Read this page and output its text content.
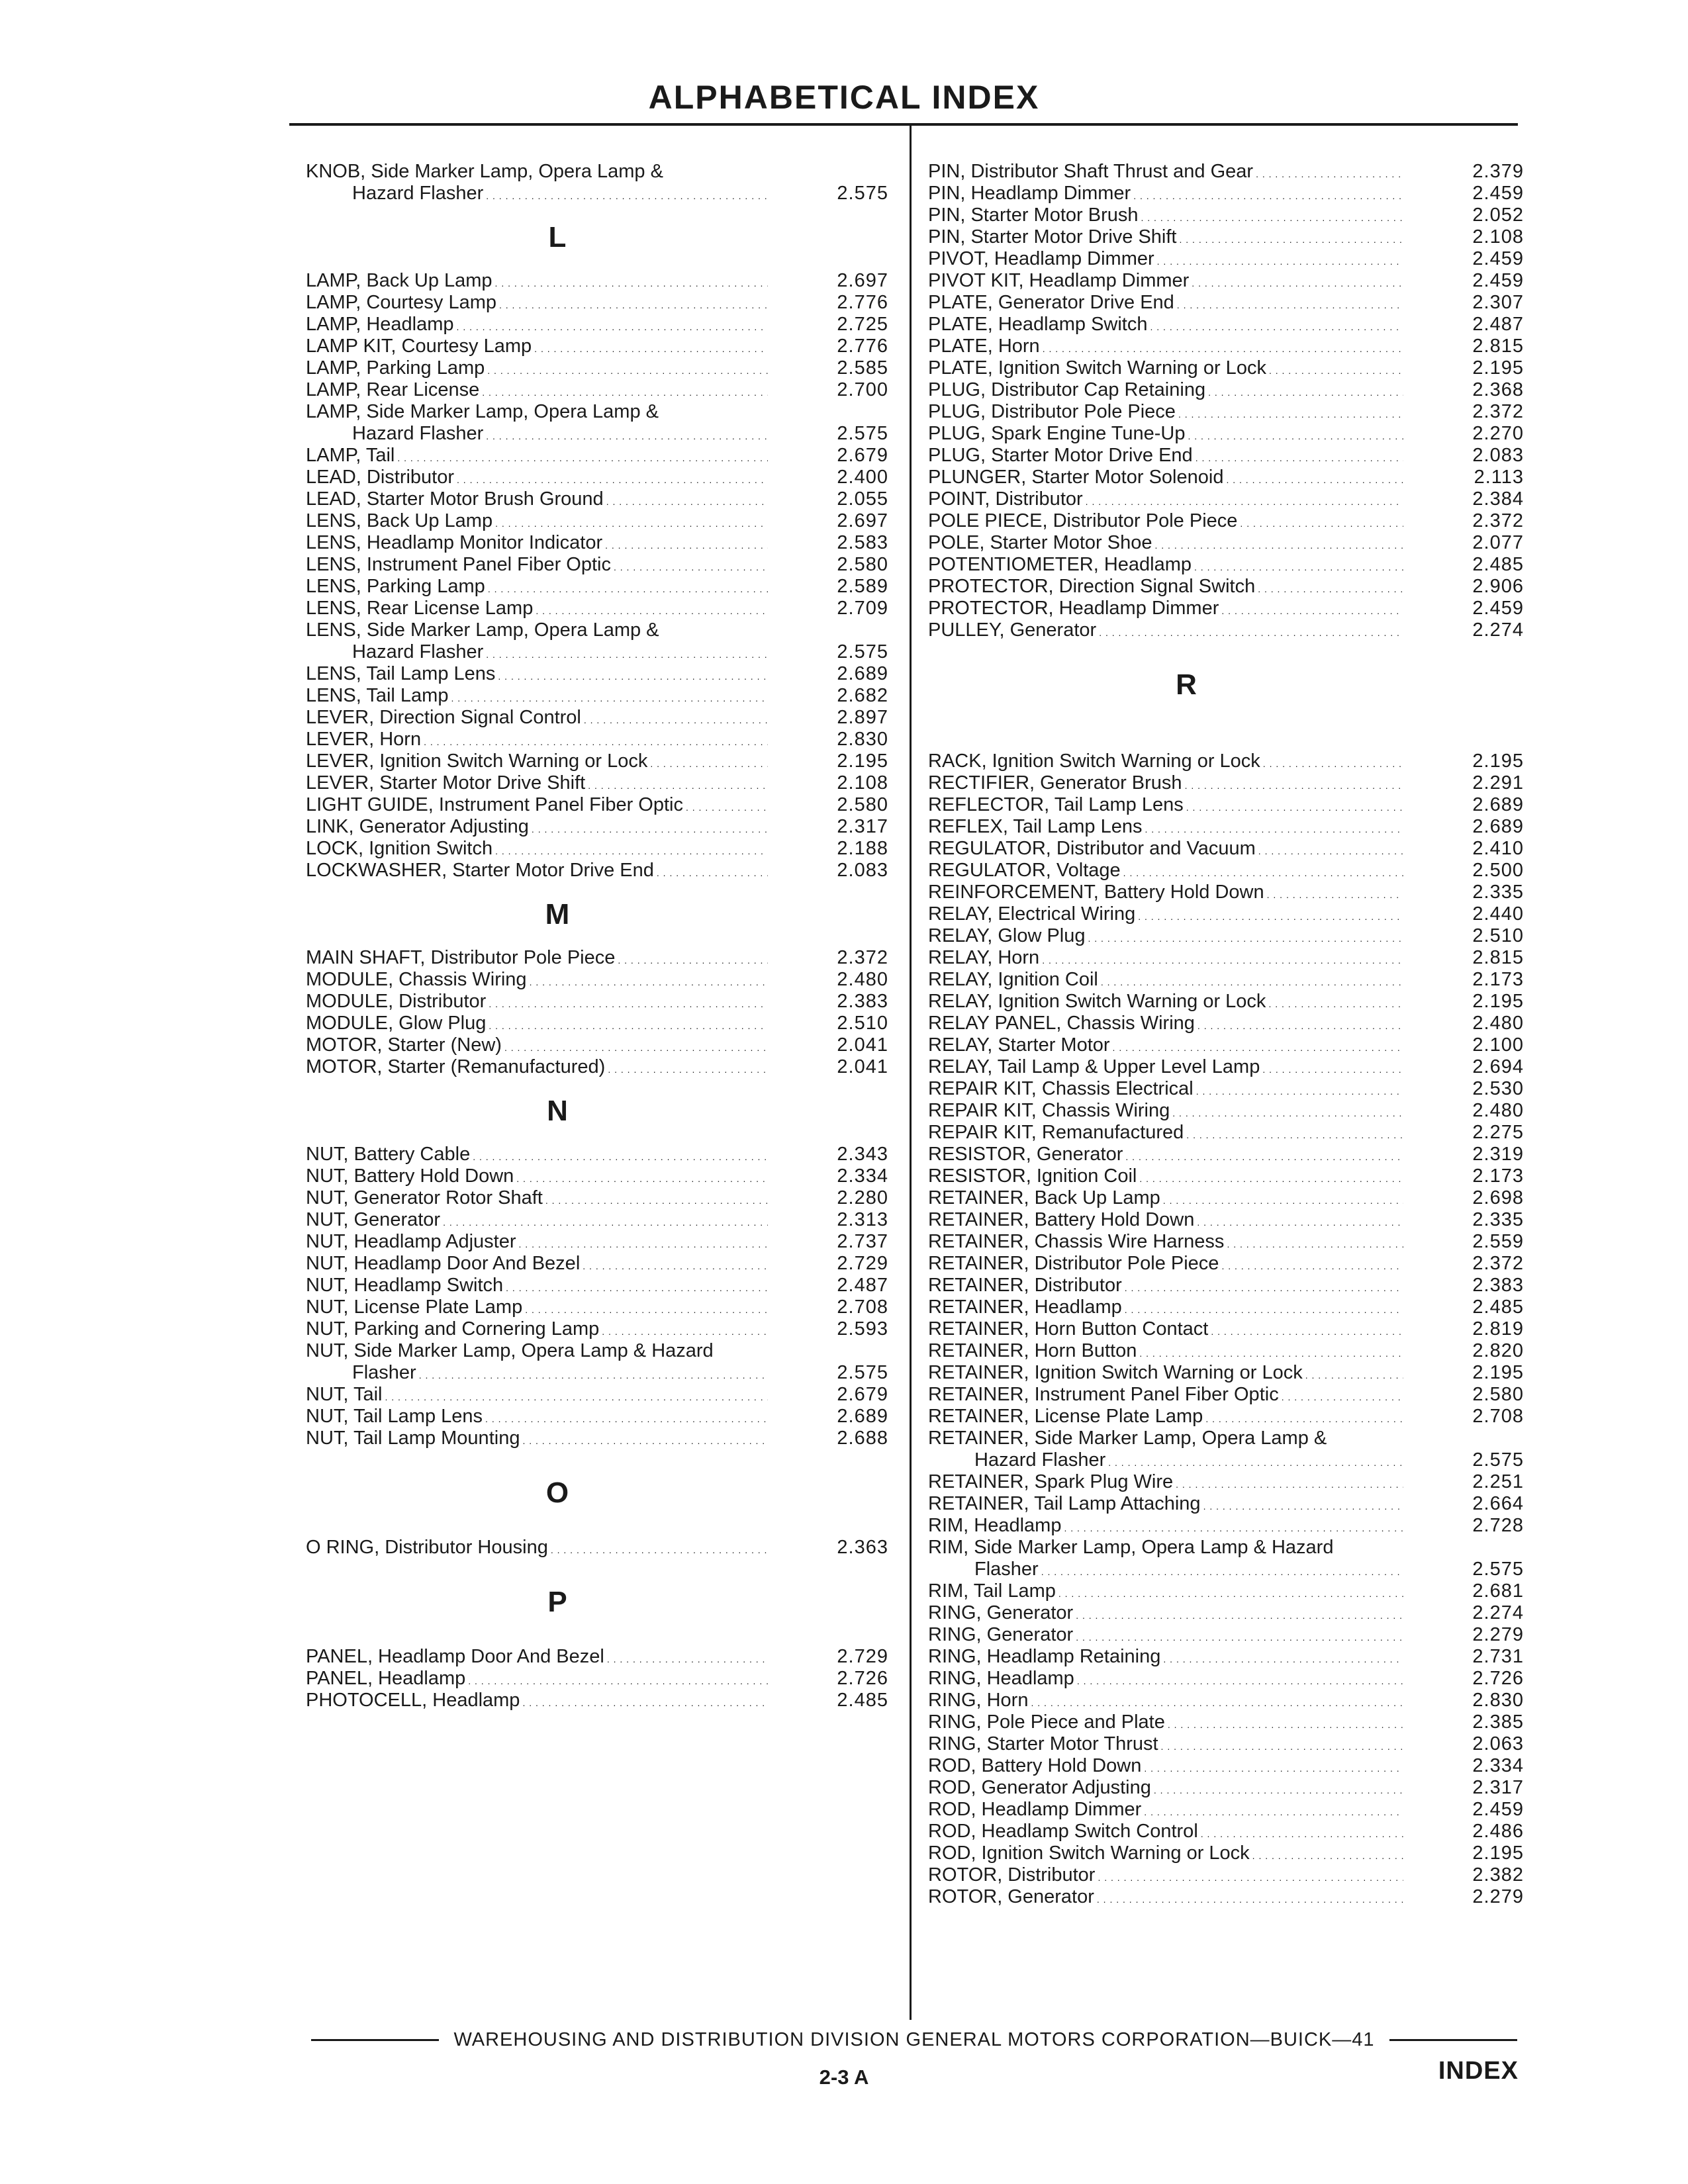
ALPHABETICAL INDEX
KNOB, Side Marker Lamp, Opera Lamp &
Hazard Flasher . . .	2.575
L
LAMP, Back Up Lamp . . .	2.697
LAMP, Courtesy Lamp . . .	2.776
LAMP, Headlamp . . .	2.725
LAMP KIT, Courtesy Lamp . . .	2.776
LAMP, Parking Lamp . . .	2.585
LAMP, Rear License . . .	2.700
LAMP, Side Marker Lamp, Opera Lamp &
Hazard Flasher . . .	2.575
LAMP, Tail . . .	2.679
LEAD, Distributor . . .	2.400
LEAD, Starter Motor Brush Ground . . .	2.055
LENS, Back Up Lamp . . .	2.697
LENS, Headlamp Monitor Indicator . . .	2.583
LENS, Instrument Panel Fiber Optic . . .	2.580
LENS, Parking Lamp . . .	2.589
LENS, Rear License Lamp . . .	2.709
LENS, Side Marker Lamp, Opera Lamp &
Hazard Flasher . . .	2.575
LENS, Tail Lamp Lens . . .	2.689
LENS, Tail Lamp . . .	2.682
LEVER, Direction Signal Control . . .	2.897
LEVER, Horn . . .	2.830
LEVER, Ignition Switch Warning or Lock . . .	2.195
LEVER, Starter Motor Drive Shift . . .	2.108
LIGHT GUIDE, Instrument Panel Fiber Optic . . .	2.580
LINK, Generator Adjusting . . .	2.317
LOCK, Ignition Switch . . .	2.188
LOCKWASHER, Starter Motor Drive End . . .	2.083
M
MAIN SHAFT, Distributor Pole Piece . . .	2.372
MODULE, Chassis Wiring . . .	2.480
MODULE, Distributor . . .	2.383
MODULE, Glow Plug . . .	2.510
MOTOR, Starter (New) . . .	2.041
MOTOR, Starter (Remanufactured) . . .	2.041
N
NUT, Battery Cable . . .	2.343
NUT, Battery Hold Down . . .	2.334
NUT, Generator Rotor Shaft . . .	2.280
NUT, Generator . . .	2.313
NUT, Headlamp Adjuster . . .	2.737
NUT, Headlamp Door And Bezel . . .	2.729
NUT, Headlamp Switch . . .	2.487
NUT, License Plate Lamp . . .	2.708
NUT, Parking and Cornering Lamp . . .	2.593
NUT, Side Marker Lamp, Opera Lamp & Hazard
Flasher . . .	2.575
NUT, Tail . . .	2.679
NUT, Tail Lamp Lens . . .	2.689
NUT, Tail Lamp Mounting . . .	2.688
O
O RING, Distributor Housing . . .	2.363
P
PANEL, Headlamp Door And Bezel . . .	2.729
PANEL, Headlamp . . .	2.726
PHOTOCELL, Headlamp . . .	2.485
PIN, Distributor Shaft Thrust and Gear . . .	2.379
PIN, Headlamp Dimmer . . .	2.459
PIN, Starter Motor Brush . . .	2.052
PIN, Starter Motor Drive Shift . . .	2.108
PIVOT, Headlamp Dimmer . . .	2.459
PIVOT KIT, Headlamp Dimmer . . .	2.459
PLATE, Generator Drive End . . .	2.307
PLATE, Headlamp Switch . . .	2.487
PLATE, Horn . . .	2.815
PLATE, Ignition Switch Warning or Lock . . .	2.195
PLUG, Distributor Cap Retaining . . .	2.368
PLUG, Distributor Pole Piece . . .	2.372
PLUG, Spark Engine Tune-Up . . .	2.270
PLUG, Starter Motor Drive End . . .	2.083
PLUNGER, Starter Motor Solenoid . . .	2.113
POINT, Distributor . . .	2.384
POLE PIECE, Distributor Pole Piece . . .	2.372
POLE, Starter Motor Shoe . . .	2.077
POTENTIOMETER, Headlamp . . .	2.485
PROTECTOR, Direction Signal Switch . . .	2.906
PROTECTOR, Headlamp Dimmer . . .	2.459
PULLEY, Generator . . .	2.274
R
RACK, Ignition Switch Warning or Lock . . .	2.195
RECTIFIER, Generator Brush . . .	2.291
REFLECTOR, Tail Lamp Lens . . .	2.689
REFLEX, Tail Lamp Lens . . .	2.689
REGULATOR, Distributor and Vacuum . . .	2.410
REGULATOR, Voltage . . .	2.500
REINFORCEMENT, Battery Hold Down . . .	2.335
RELAY, Electrical Wiring . . .	2.440
RELAY, Glow Plug . . .	2.510
RELAY, Horn . . .	2.815
RELAY, Ignition Coil . . .	2.173
RELAY, Ignition Switch Warning or Lock . . .	2.195
RELAY PANEL, Chassis Wiring . . .	2.480
RELAY, Starter Motor . . .	2.100
RELAY, Tail Lamp & Upper Level Lamp . . .	2.694
REPAIR KIT, Chassis Electrical . . .	2.530
REPAIR KIT, Chassis Wiring . . .	2.480
REPAIR KIT, Remanufactured . . .	2.275
RESISTOR, Generator . . .	2.319
RESISTOR, Ignition Coil . . .	2.173
RETAINER, Back Up Lamp . . .	2.698
RETAINER, Battery Hold Down . . .	2.335
RETAINER, Chassis Wire Harness . . .	2.559
RETAINER, Distributor Pole Piece . . .	2.372
RETAINER, Distributor . . .	2.383
RETAINER, Headlamp . . .	2.485
RETAINER, Horn Button Contact . . .	2.819
RETAINER, Horn Button . . .	2.820
RETAINER, Ignition Switch Warning or Lock . . .	2.195
RETAINER, Instrument Panel Fiber Optic . . .	2.580
RETAINER, License Plate Lamp . . .	2.708
RETAINER, Side Marker Lamp, Opera Lamp &
Hazard Flasher . . .	2.575
RETAINER, Spark Plug Wire . . .	2.251
RETAINER, Tail Lamp Attaching . . .	2.664
RIM, Headlamp . . .	2.728
RIM, Side Marker Lamp, Opera Lamp & Hazard
Flasher . . .	2.575
RIM, Tail Lamp . . .	2.681
RING, Generator . . .	2.274
RING, Generator . . .	2.279
RING, Headlamp Retaining . . .	2.731
RING, Headlamp . . .	2.726
RING, Horn . . .	2.830
RING, Pole Piece and Plate . . .	2.385
RING, Starter Motor Thrust . . .	2.063
ROD, Battery Hold Down . . .	2.334
ROD, Generator Adjusting . . .	2.317
ROD, Headlamp Dimmer . . .	2.459
ROD, Headlamp Switch Control . . .	2.486
ROD, Ignition Switch Warning or Lock . . .	2.195
ROTOR, Distributor . . .	2.382
ROTOR, Generator . . .	2.279
WAREHOUSING AND DISTRIBUTION DIVISION GENERAL MOTORS CORPORATION—BUICK—41
2-3 A	INDEX
